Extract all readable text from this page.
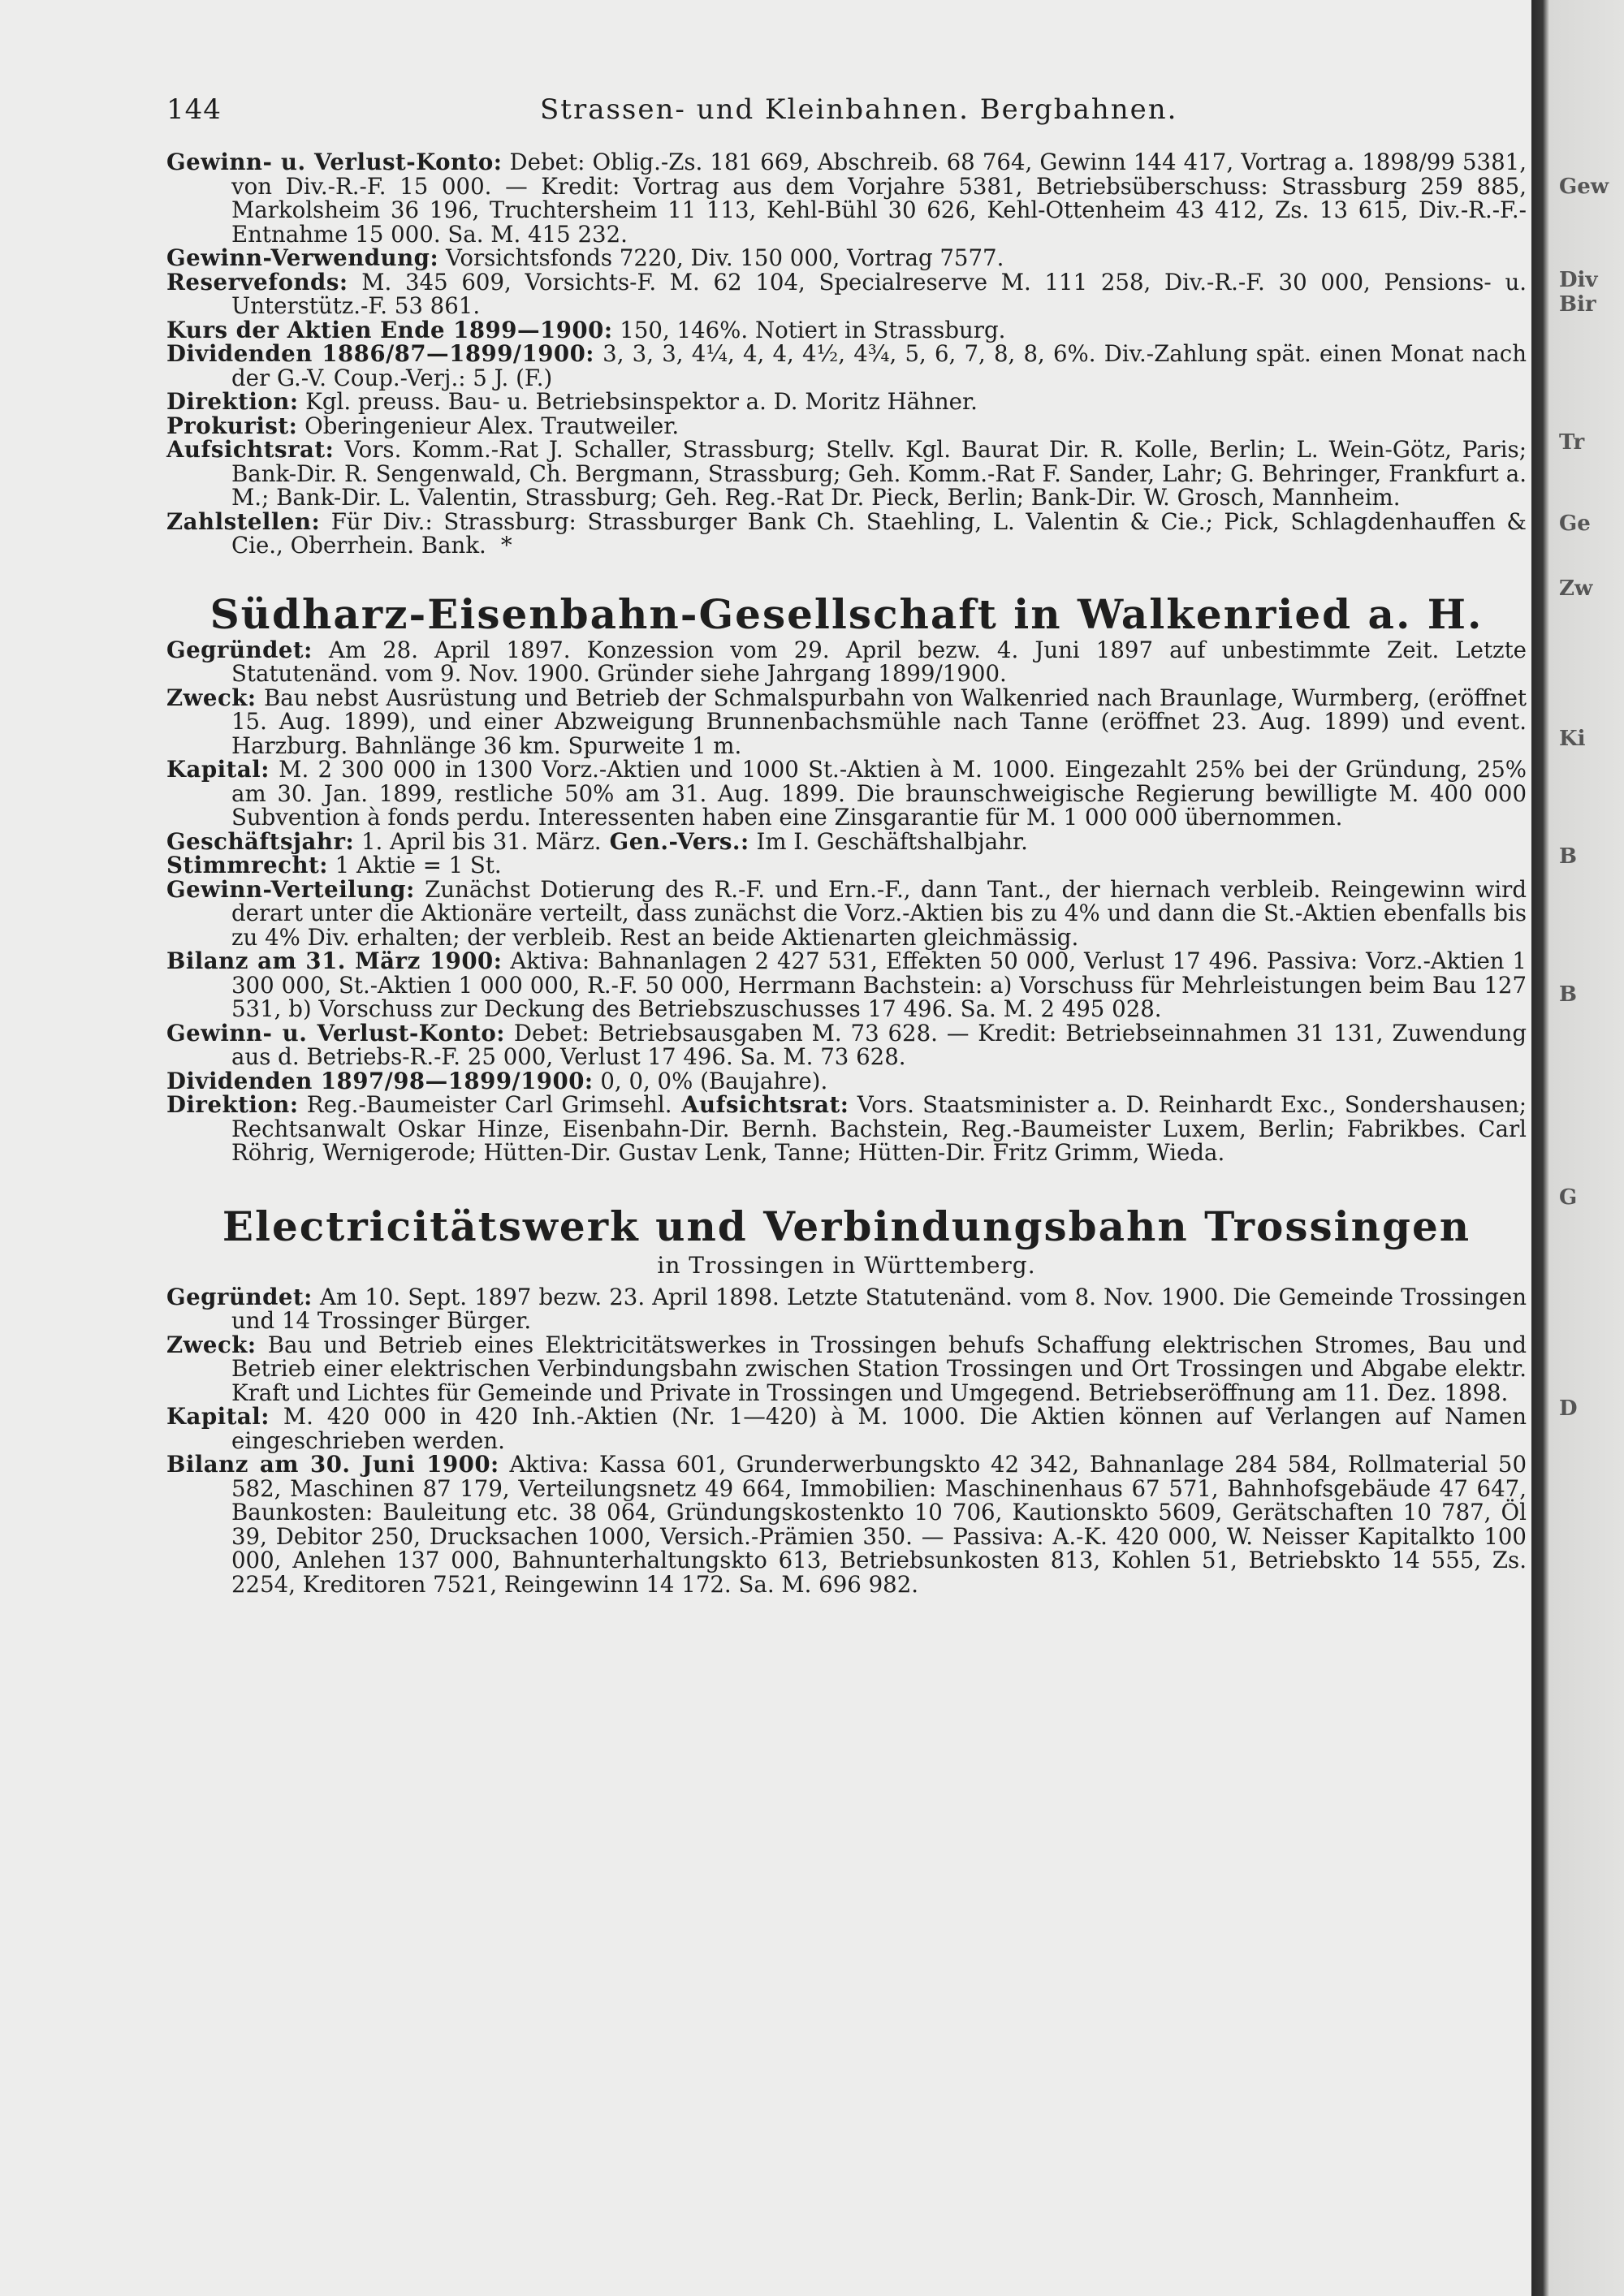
Gew
Div
Bir
Tr
Ge
Zw
Ki
B
B
G
D
144	Strassen- und Kleinbahnen. Bergbahnen.

Gewinn- u. Verlust-Konto: Debet: Oblig.-Zs. 181 669, Abschreib. 68 764, Gewinn 144 417, Vortrag a. 1898/99 5381, von Div.-R.-F. 15 000. — Kredit: Vortrag aus dem Vorjahre 5381, Betriebsüberschuss: Strassburg 259 885, Markolsheim 36 196, Truchtersheim 11 113, Kehl-Bühl 30 626, Kehl-Ottenheim 43 412, Zs. 13 615, Div.-R.-F.-Entnahme 15 000. Sa. M. 415 232.

Gewinn-Verwendung: Vorsichtsfonds 7220, Div. 150 000, Vortrag 7577.

Reservefonds: M. 345 609, Vorsichts-F. M. 62 104, Specialreserve M. 111 258, Div.-R.-F. 30 000, Pensions- u. Unterstütz.-F. 53 861.

Kurs der Aktien Ende 1899—1900: 150, 146%. Notiert in Strassburg.

Dividenden 1886/87—1899/1900: 3, 3, 3, 4¼, 4, 4, 4½, 4¾, 5, 6, 7, 8, 8, 6%. Div.-Zahlung spät. einen Monat nach der G.-V. Coup.-Verj.: 5 J. (F.)

Direktion: Kgl. preuss. Bau- u. Betriebsinspektor a. D. Moritz Hähner.

Prokurist: Oberingenieur Alex. Trautweiler.

Aufsichtsrat: Vors. Komm.-Rat J. Schaller, Strassburg; Stellv. Kgl. Baurat Dir. R. Kolle, Berlin; L. Wein-Götz, Paris; Bank-Dir. R. Sengenwald, Ch. Bergmann, Strassburg; Geh. Komm.-Rat F. Sander, Lahr; G. Behringer, Frankfurt a. M.; Bank-Dir. L. Valentin, Strassburg; Geh. Reg.-Rat Dr. Pieck, Berlin; Bank-Dir. W. Grosch, Mannheim.

Zahlstellen: Für Div.: Strassburg: Strassburger Bank Ch. Staehling, L. Valentin & Cie.; Pick, Schlagdenhauffen & Cie., Oberrhein. Bank. *

Südharz-Eisenbahn-Gesellschaft in Walkenried a. H.

Gegründet: Am 28. April 1897. Konzession vom 29. April bezw. 4. Juni 1897 auf unbestimmte Zeit. Letzte Statutenänd. vom 9. Nov. 1900. Gründer siehe Jahrgang 1899/1900.

Zweck: Bau nebst Ausrüstung und Betrieb der Schmalspurbahn von Walkenried nach Braunlage, Wurmberg, (eröffnet 15. Aug. 1899), und einer Abzweigung Brunnenbachsmühle nach Tanne (eröffnet 23. Aug. 1899) und event. Harzburg. Bahnlänge 36 km. Spurweite 1 m.

Kapital: M. 2 300 000 in 1300 Vorz.-Aktien und 1000 St.-Aktien à M. 1000. Eingezahlt 25% bei der Gründung, 25% am 30. Jan. 1899, restliche 50% am 31. Aug. 1899. Die braunschweigische Regierung bewilligte M. 400 000 Subvention à fonds perdu. Interessenten haben eine Zinsgarantie für M. 1 000 000 übernommen.

Geschäftsjahr: 1. April bis 31. März. Gen.-Vers.: Im I. Geschäftshalbjahr.

Stimmrecht: 1 Aktie = 1 St.

Gewinn-Verteilung: Zunächst Dotierung des R.-F. und Ern.-F., dann Tant., der hiernach verbleib. Reingewinn wird derart unter die Aktionäre verteilt, dass zunächst die Vorz.-Aktien bis zu 4% und dann die St.-Aktien ebenfalls bis zu 4% Div. erhalten; der verbleib. Rest an beide Aktienarten gleichmässig.

Bilanz am 31. März 1900: Aktiva: Bahnanlagen 2 427 531, Effekten 50 000, Verlust 17 496. Passiva: Vorz.-Aktien 1 300 000, St.-Aktien 1 000 000, R.-F. 50 000, Herrmann Bachstein: a) Vorschuss für Mehrleistungen beim Bau 127 531, b) Vorschuss zur Deckung des Betriebszuschusses 17 496. Sa. M. 2 495 028.

Gewinn- u. Verlust-Konto: Debet: Betriebsausgaben M. 73 628. — Kredit: Betriebseinnahmen 31 131, Zuwendung aus d. Betriebs-R.-F. 25 000, Verlust 17 496. Sa. M. 73 628.

Dividenden 1897/98—1899/1900: 0, 0, 0% (Baujahre).

Direktion: Reg.-Baumeister Carl Grimsehl. Aufsichtsrat: Vors. Staatsminister a. D. Reinhardt Exc., Sondershausen; Rechtsanwalt Oskar Hinze, Eisenbahn-Dir. Bernh. Bachstein, Reg.-Baumeister Luxem, Berlin; Fabrikbes. Carl Röhrig, Wernigerode; Hütten-Dir. Gustav Lenk, Tanne; Hütten-Dir. Fritz Grimm, Wieda.

Electricitätswerk und Verbindungsbahn Trossingen
in Trossingen in Württemberg.

Gegründet: Am 10. Sept. 1897 bezw. 23. April 1898. Letzte Statutenänd. vom 8. Nov. 1900. Die Gemeinde Trossingen und 14 Trossinger Bürger.

Zweck: Bau und Betrieb eines Elektricitätswerkes in Trossingen behufs Schaffung elektrischen Stromes, Bau und Betrieb einer elektrischen Verbindungsbahn zwischen Station Trossingen und Ort Trossingen und Abgabe elektr. Kraft und Lichtes für Gemeinde und Private in Trossingen und Umgegend. Betriebseröffnung am 11. Dez. 1898.

Kapital: M. 420 000 in 420 Inh.-Aktien (Nr. 1—420) à M. 1000. Die Aktien können auf Verlangen auf Namen eingeschrieben werden.

Bilanz am 30. Juni 1900: Aktiva: Kassa 601, Grunderwerbungskto 42 342, Bahnanlage 284 584, Rollmaterial 50 582, Maschinen 87 179, Verteilungsnetz 49 664, Immobilien: Maschinenhaus 67 571, Bahnhofsgebäude 47 647, Baunkosten: Bauleitung etc. 38 064, Gründungskostenkto 10 706, Kautionskto 5609, Gerätschaften 10 787, Öl 39, Debitor 250, Drucksachen 1000, Versich.-Prämien 350. — Passiva: A.-K. 420 000, W. Neisser Kapitalkto 100 000, Anlehen 137 000, Bahnunterhaltungskto 613, Betriebsunkosten 813, Kohlen 51, Betriebskto 14 555, Zs. 2254, Kreditoren 7521, Reingewinn 14 172. Sa. M. 696 982.
